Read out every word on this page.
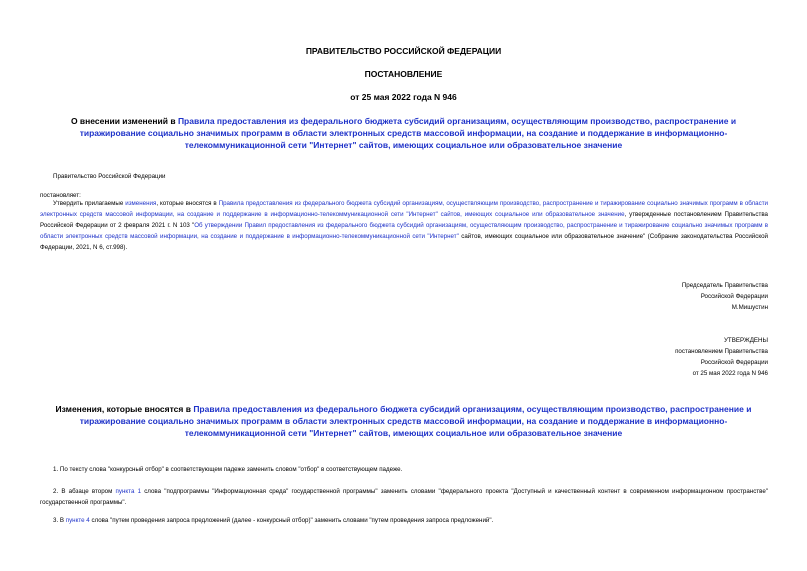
ПРАВИТЕЛЬСТВО РОССИЙСКОЙ ФЕДЕРАЦИИ
ПОСТАНОВЛЕНИЕ
от 25 мая 2022 года N 946
О внесении изменений в Правила предоставления из федерального бюджета субсидий организациям, осуществляющим производство, распространение и тиражирование социально значимых программ в области электронных средств массовой информации, на создание и поддержание в информационно-телекоммуникационной сети "Интернет" сайтов, имеющих социальное или образовательное значение
Правительство Российской Федерации
постановляет:
Утвердить прилагаемые изменения, которые вносятся в Правила предоставления из федерального бюджета субсидий организациям, осуществляющим производство, распространение и тиражирование социально значимых программ в области электронных средств массовой информации, на создание и поддержание в информационно-телекоммуникационной сети "Интернет" сайтов, имеющих социальное или образовательное значение, утвержденные постановлением Правительства Российской Федерации от 2 февраля 2021 г. N 103 "Об утверждении Правил предоставления из федерального бюджета субсидий организациям, осуществляющим производство, распространение и тиражирование социально значимых программ в области электронных средств массовой информации, на создание и поддержание в информационно-телекоммуникационной сети "Интернет" сайтов, имеющих социальное или образовательное значение" (Собрание законодательства Российской Федерации, 2021, N 6, ст.998).
Председатель Правительства
Российской Федерации
М.Мишустин
УТВЕРЖДЕНЫ
постановлением Правительства
Российской Федерации
от 25 мая 2022 года N 946
Изменения, которые вносятся в Правила предоставления из федерального бюджета субсидий организациям, осуществляющим производство, распространение и тиражирование социально значимых программ в области электронных средств массовой информации, на создание и поддержание в информационно-телекоммуникационной сети "Интернет" сайтов, имеющих социальное или образовательное значение
1. По тексту слова "конкурсный отбор" в соответствующем падеже заменить словом "отбор" в соответствующем падеже.
2. В абзаце втором пункта 1 слова "подпрограммы "Информационная среда" государственной программы" заменить словами "федерального проекта "Доступный и качественный контент в современном информационном пространстве" государственной программы".
3. В пункте 4 слова "путем проведения запроса предложений (далее - конкурсный отбор)" заменить словами "путем проведения запроса предложений".
